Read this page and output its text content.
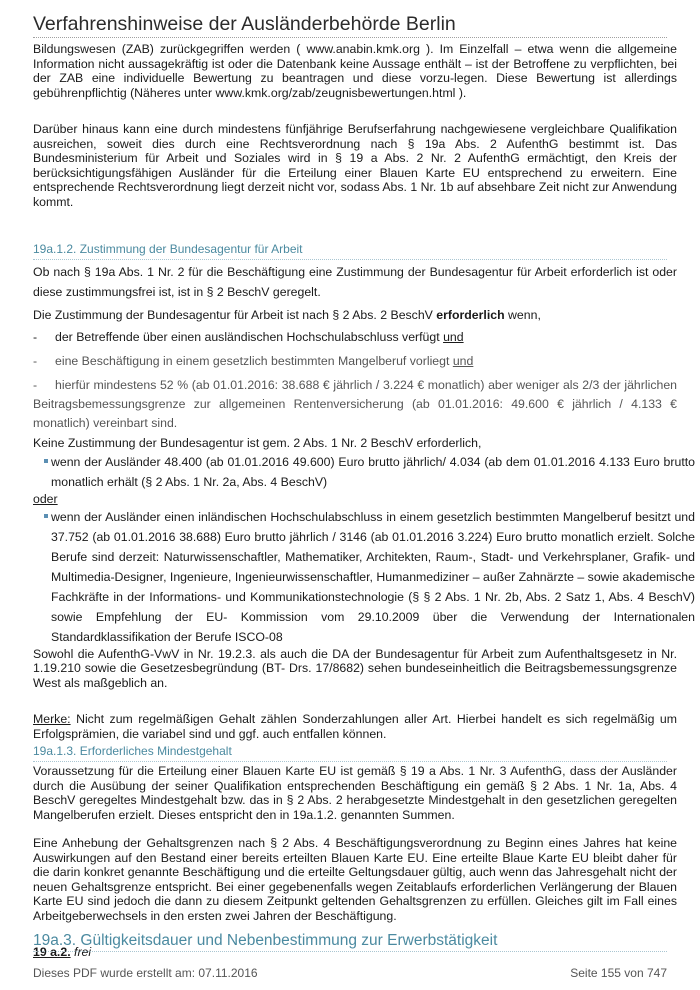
Verfahrenshinweise der Ausländerbehörde Berlin

Bildungswesen (ZAB) zurückgegriffen werden ( www.anabin.kmk.org ). Im Einzelfall – etwa wenn die allgemeine Information nicht aussagekräftig ist oder die Datenbank keine Aussage enthält – ist der Betroffene zu verpflichten, bei der ZAB eine individuelle Bewertung zu beantragen und diese vorzu-legen. Diese Bewertung ist allerdings gebührenpflichtig (Näheres unter www.kmk.org/zab/zeugnisbewertungen.html ).

Darüber hinaus kann eine durch mindestens fünfjährige Berufserfahrung nachgewiesene vergleichbare Qualifikation ausreichen, soweit dies durch eine Rechtsverordnung nach § 19a Abs. 2 AufenthG bestimmt ist. Das Bundesministerium für Arbeit und Soziales wird in § 19 a Abs. 2 Nr. 2 AufenthG ermächtigt, den Kreis der berücksichtigungsfähigen Ausländer für die Erteilung einer Blauen Karte EU entsprechend zu erweitern. Eine entsprechende Rechtsverordnung liegt derzeit nicht vor, sodass Abs. 1 Nr. 1b auf absehbare Zeit nicht zur Anwendung kommt.

19a.1.2. Zustimmung der Bundesagentur für Arbeit

Ob nach § 19a Abs. 1 Nr. 2 für die Beschäftigung eine Zustimmung der Bundesagentur für Arbeit erforderlich ist oder diese zustimmungsfrei ist, ist in § 2 BeschV geregelt.

Die Zustimmung der Bundesagentur für Arbeit ist nach § 2 Abs. 2 BeschV erforderlich wenn,

- der Betreffende über einen ausländischen Hochschulabschluss verfügt und

- eine Beschäftigung in einem gesetzlich bestimmten Mangelberuf vorliegt und

- hierfür mindestens 52 % (ab 01.01.2016: 38.688 € jährlich / 3.224 € monatlich) aber weniger als 2/3 der jährlichen Beitragsbemessungsgrenze zur allgemeinen Rentenversicherung (ab 01.01.2016: 49.600 € jährlich / 4.133 € monatlich) vereinbart sind.

Keine Zustimmung der Bundesagentur ist gem. 2 Abs. 1 Nr. 2 BeschV erforderlich,

wenn der Ausländer 48.400 (ab 01.01.2016 49.600) Euro brutto jährlich/ 4.034 (ab dem 01.01.2016 4.133 Euro brutto monatlich erhält (§ 2 Abs. 1 Nr. 2a, Abs. 4 BeschV)

oder

wenn der Ausländer einen inländischen Hochschulabschluss in einem gesetzlich bestimmten Mangelberuf besitzt und 37.752 (ab 01.01.2016 38.688) Euro brutto jährlich / 3146 (ab 01.01.2016 3.224) Euro brutto monatlich erzielt. Solche Berufe sind derzeit: Naturwissenschaftler, Mathematiker, Architekten, Raum-, Stadt- und Verkehrsplaner, Grafik- und Multimedia-Designer, Ingenieure, Ingenieurwissenschaftler, Humanmediziner – außer Zahnärzte – sowie akademische Fachkräfte in der Informations- und Kommunikationstechnologie (§ § 2 Abs. 1 Nr. 2b, Abs. 2 Satz 1, Abs. 4 BeschV) sowie Empfehlung der EU- Kommission vom 29.10.2009 über die Verwendung der Internationalen Standardklassifikation der Berufe ISCO-08

Sowohl die AufenthG-VwV in Nr. 19.2.3. als auch die DA der Bundesagentur für Arbeit zum Aufenthaltsgesetz in Nr. 1.19.210 sowie die Gesetzesbegründung (BT- Drs. 17/8682) sehen bundeseinheitlich die Beitragsbemessungsgrenze West als maßgeblich an.

Merke: Nicht zum regelmäßigen Gehalt zählen Sonderzahlungen aller Art. Hierbei handelt es sich regelmäßig um Erfolgsprämien, die variabel sind und ggf. auch entfallen können.

19a.1.3. Erforderliches Mindestgehalt

Voraussetzung für die Erteilung einer Blauen Karte EU ist gemäß § 19 a Abs. 1 Nr. 3 AufenthG, dass der Ausländer durch die Ausübung der seiner Qualifikation entsprechenden Beschäftigung ein gemäß § 2 Abs. 1 Nr. 1a, Abs. 4 BeschV geregeltes Mindestgehalt bzw. das in § 2 Abs. 2 herabgesetzte Mindestgehalt in den gesetzlichen geregelten Mangelberufen erzielt. Dieses entspricht den in 19a.1.2. genannten Summen.

Eine Anhebung der Gehaltsgrenzen nach § 2 Abs. 4 Beschäftigungsverordnung zu Beginn eines Jahres hat keine Auswirkungen auf den Bestand einer bereits erteilten Blauen Karte EU. Eine erteilte Blaue Karte EU bleibt daher für die darin konkret genannte Beschäftigung und die erteilte Geltungsdauer gültig, auch wenn das Jahresgehalt nicht der neuen Gehaltsgrenze entspricht. Bei einer gegebenenfalls wegen Zeitablaufs erforderlichen Verlängerung der Blauen Karte EU sind jedoch die dann zu diesem Zeitpunkt geltenden Gehaltsgrenzen zu erfüllen. Gleiches gilt im Fall eines Arbeitgeberwechsels in den ersten zwei Jahren der Beschäftigung.

19 a.2. frei

19a.3. Gültigkeitsdauer und Nebenbestimmung zur Erwerbstätigkeit
Dieses PDF wurde erstellt am: 07.11.2016	Seite 155 von 747
